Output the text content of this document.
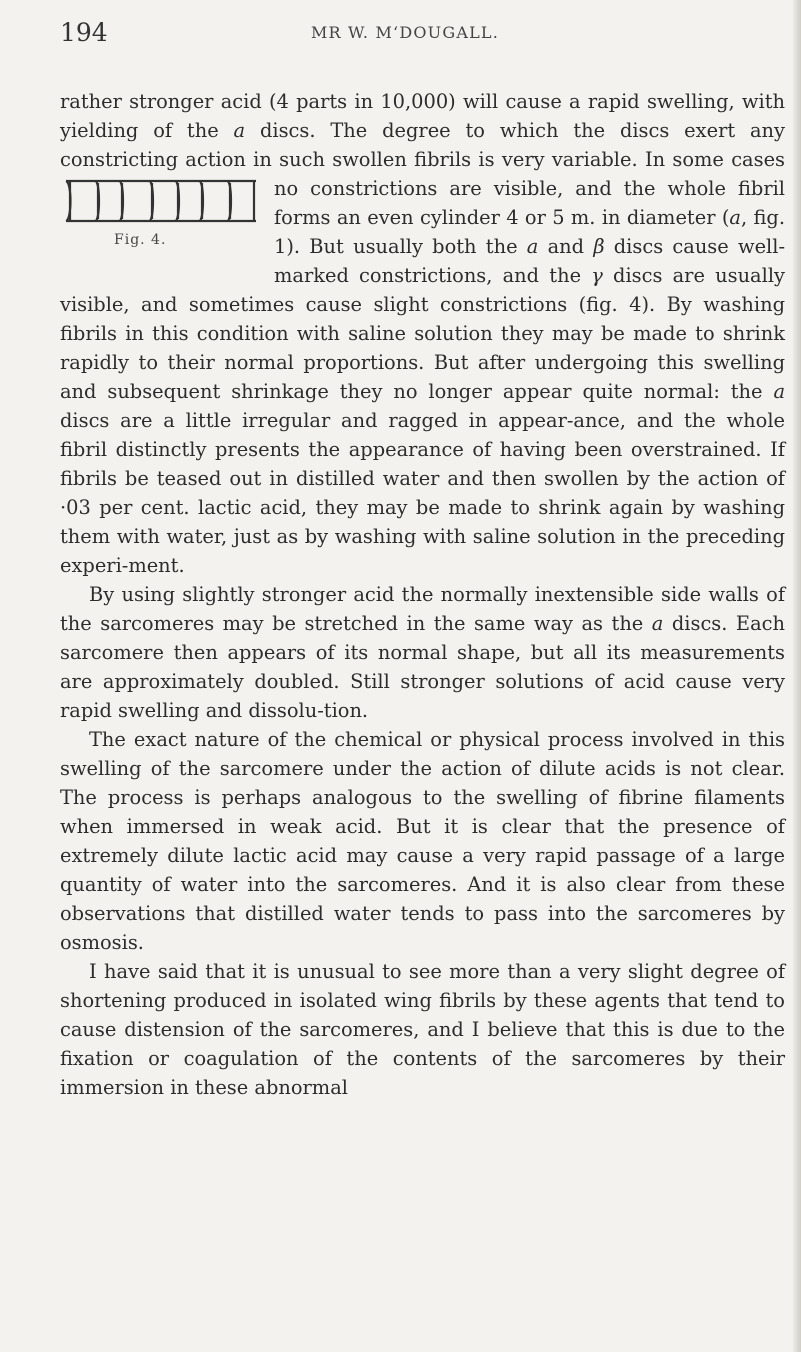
194	MR W. M‘DOUGALL.

rather stronger acid (4 parts in 10,000) will cause a rapid swelling, with yielding of the a discs. The degree to which the discs exert any constricting action in such swollen fibrils is very variable. In some cases no constrictions are visible, and the
Fig. 4.
whole fibril forms an even cylinder 4 or 5 m. in diameter (a, fig. 1). But usually both the a and β discs cause well-marked constrictions, and the γ discs are usually visible, and sometimes cause slight constrictions (fig. 4). By washing fibrils in this condition with saline solution they may be made to shrink rapidly to their normal proportions. But after undergoing this swelling and subsequent shrinkage they no longer appear quite normal: the a discs are a little irregular and ragged in appear-ance, and the whole fibril distinctly presents the appearance of having been overstrained. If fibrils be teased out in distilled water and then swollen by the action of ·03 per cent. lactic acid, they may be made to shrink again by washing them with water, just as by washing with saline solution in the preceding experi-ment.

By using slightly stronger acid the normally inextensible side walls of the sarcomeres may be stretched in the same way as the a discs. Each sarcomere then appears of its normal shape, but all its measurements are approximately doubled. Still stronger solutions of acid cause very rapid swelling and dissolu-tion.

The exact nature of the chemical or physical process involved in this swelling of the sarcomere under the action of dilute acids is not clear. The process is perhaps analogous to the swelling of fibrine filaments when immersed in weak acid. But it is clear that the presence of extremely dilute lactic acid may cause a very rapid passage of a large quantity of water into the sarcomeres. And it is also clear from these observations that distilled water tends to pass into the sarcomeres by osmosis.

I have said that it is unusual to see more than a very slight degree of shortening produced in isolated wing fibrils by these agents that tend to cause distension of the sarcomeres, and I believe that this is due to the fixation or coagulation of the contents of the sarcomeres by their immersion in these abnormal
